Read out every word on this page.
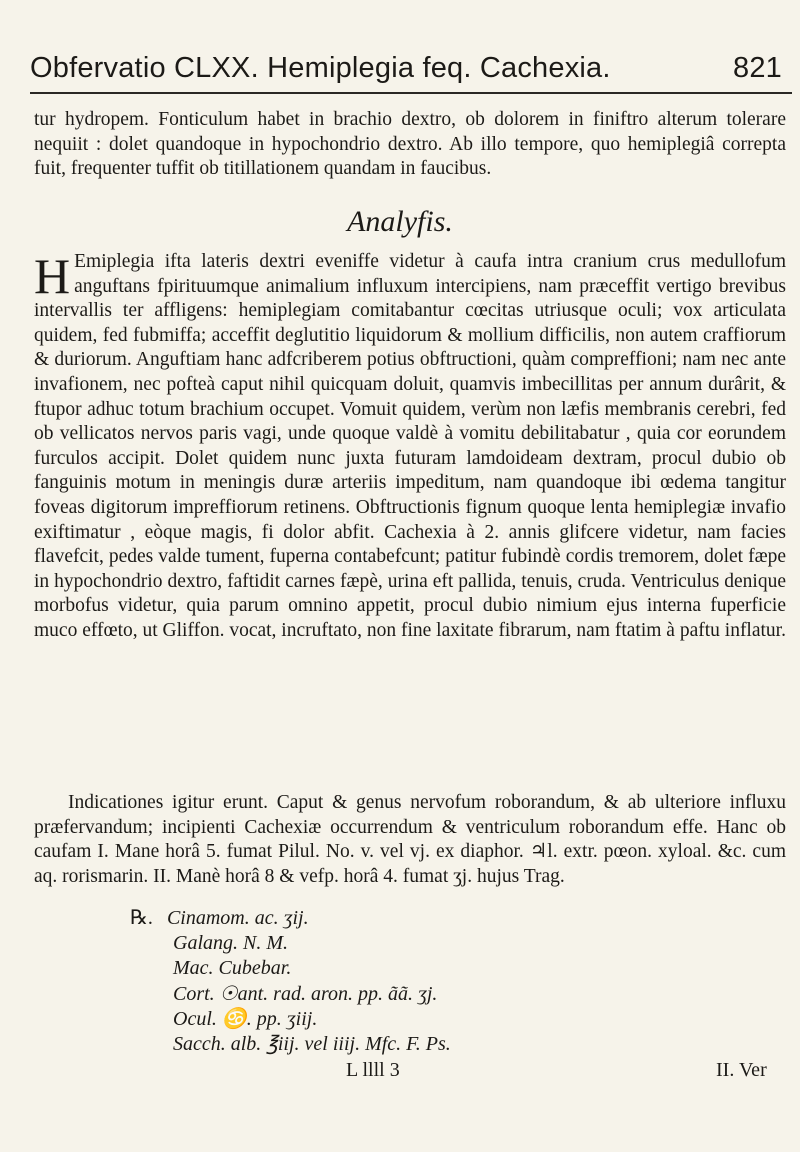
Obfervatio CLXX. Hemiplegia feq. Cachexia.	821

tur hydropem. Fonticulum habet in brachio dextro, ob dolorem in finiftro alterum tolerare nequiit : dolet quandoque in hypochondrio dextro. Ab illo tempore, quo hemiplegiâ correpta fuit, frequenter tuffit ob titillationem quandam in faucibus.

Analyfis.

H Emiplegia ifta lateris dextri eveniffe videtur à caufa intra cranium crus medullofum anguftans fpirituumque animalium influxum intercipiens, nam præceffit vertigo brevibus intervallis ter affligens: hemiplegiam comitabantur cœcitas utriusque oculi; vox articulata quidem, fed fubmiffa; acceffit deglutitio liquidorum & mollium difficilis, non autem craffiorum & duriorum. Anguftiam hanc adfcriberem potius obftructioni, quàm compreffioni; nam nec ante invafionem, nec pofteà caput nihil quicquam doluit, quamvis imbecillitas per annum durârit, & ftupor adhuc totum brachium occupet. Vomuit quidem, verùm non læfis membranis cerebri, fed ob vellicatos nervos paris vagi, unde quoque valdè à vomitu debilitabatur , quia cor eorundem furculos accipit. Dolet quidem nunc juxta futuram lamdoideam dextram, procul dubio ob fanguinis motum in meningis duræ arteriis impeditum, nam quandoque ibi œdema tangitur foveas digitorum impreffiorum retinens. Obftructionis fignum quoque lenta hemiplegiæ invafio exiftimatur , eòque magis, fi dolor abfit. Cachexia à 2. annis glifcere videtur, nam facies flavefcit, pedes valde tument, fuperna contabefcunt; patitur fubindè cordis tremorem, dolet fæpe in hypochondrio dextro, faftidit carnes fæpè, urina eft pallida, tenuis, cruda. Ventriculus denique morbofus videtur, quia parum omnino appetit, procul dubio nimium ejus interna fuperficie muco effœto, ut Gliffon. vocat, incruftato, non fine laxitate fibrarum, nam ftatim à paftu inflatur.

Indicationes igitur erunt. Caput & genus nervofum roborandum, & ab ulteriore influxu præfervandum; incipienti Cachexiæ occurrendum & ventriculum roborandum effe. Hanc ob caufam I. Mane horâ 5. fumat Pilul. No. v. vel vj. ex diaphor. ♃l. extr. pœon. xyloal. &c. cum aq. rorismarin. II. Manè horâ 8 & vefp. horâ 4. fumat ʒj. hujus Trag.

℞. Cinamom. ac. ʒij.
Galang. N. M.
Mac. Cubebar.
Cort. ☉ant. rad. aron. pp. ãã. ʒj.
Ocul. ♋. pp. ʒiij.
Sacch. alb. ℥iij. vel iiij. Mfc. F. Ps.
L llll 3	II. Ver
